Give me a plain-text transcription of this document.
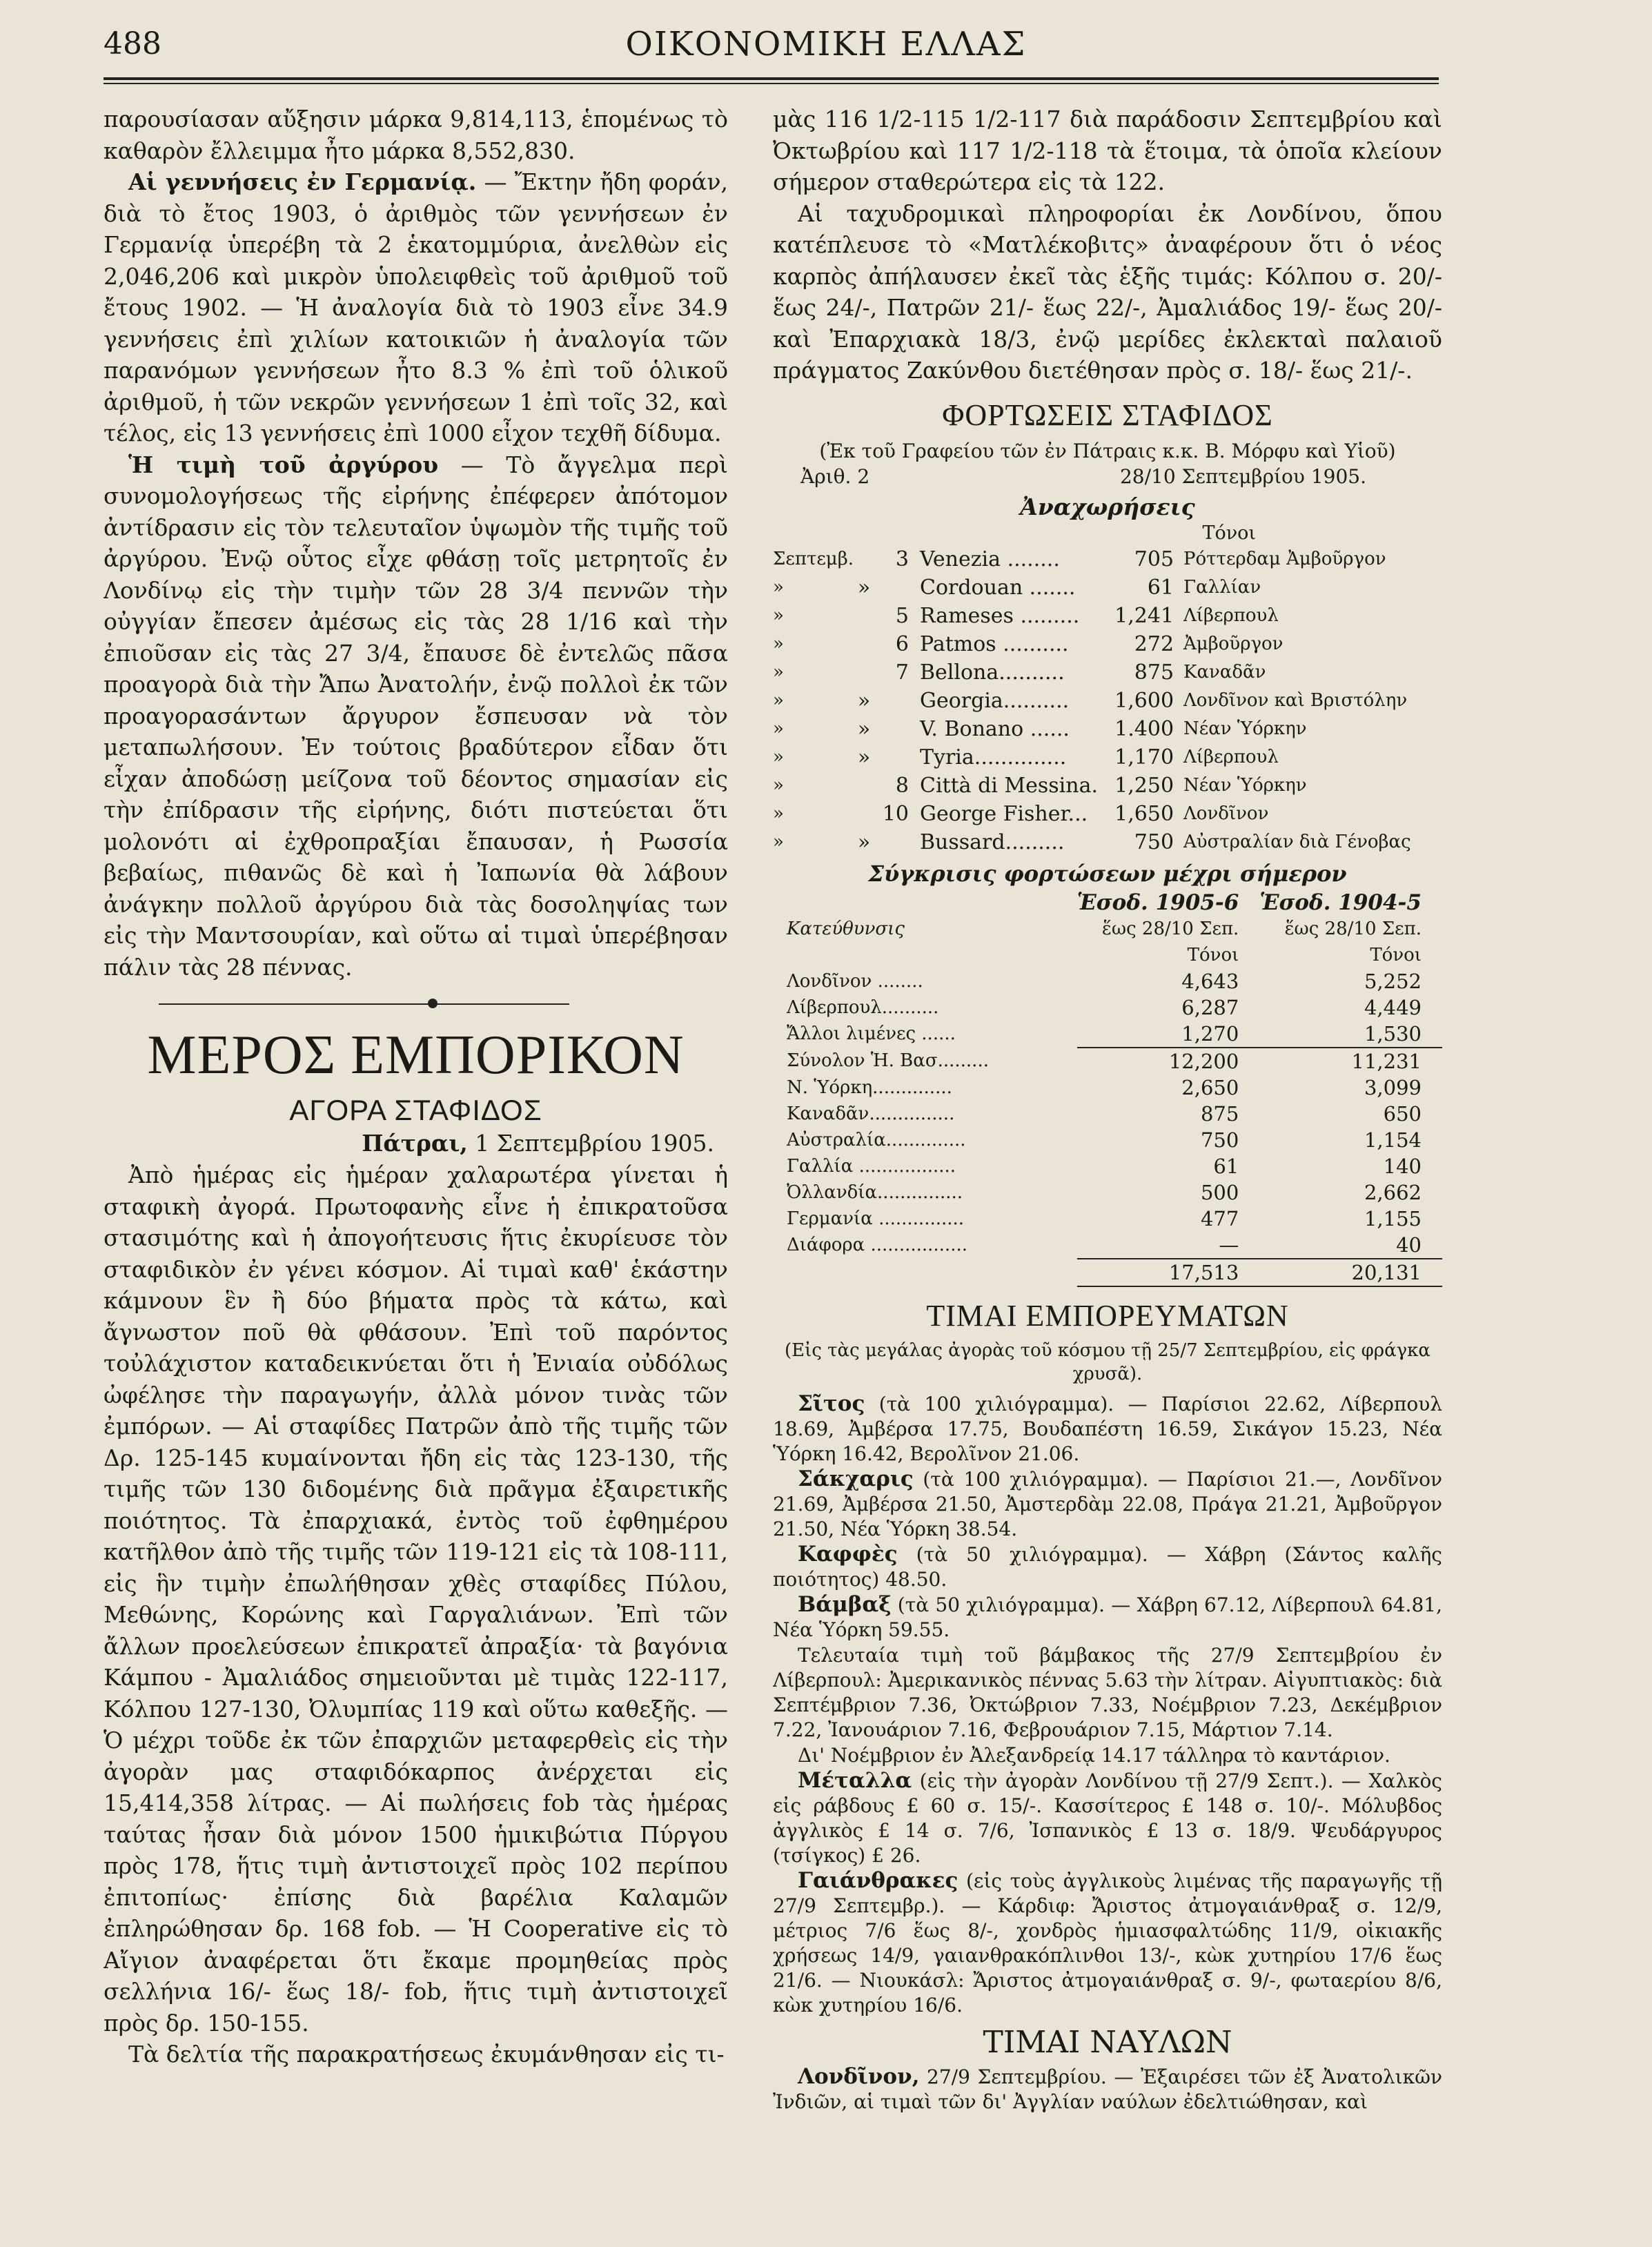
488	ΟΙΚΟΝΟΜΙΚΗ ΕΛΛΑΣ

παρουσίασαν αὔξησιν μάρκα 9,814,113, ἑπομένως τὸ καθαρὸν ἔλλειμμα ἦτο μάρκα 8,552,830.

Αἱ γεννήσεις ἐν Γερμανίᾳ. — Ἔκτην ἤδη φοράν, διὰ τὸ ἔτος 1903, ὁ ἀριθμὸς τῶν γεννήσεων ἐν Γερμανίᾳ ὑπερέβη τὰ 2 ἑκατομμύρια, ἀνελθὼν εἰς 2,046,206 καὶ μικρὸν ὑπολειφθεὶς τοῦ ἀριθμοῦ τοῦ ἔτους 1902. — Ἡ ἀναλογία διὰ τὸ 1903 εἶνε 34.9 γεννήσεις ἐπὶ χιλίων κατοικιῶν ἡ ἀναλογία τῶν παρανόμων γεννήσεων ἦτο 8.3 % ἐπὶ τοῦ ὁλικοῦ ἀριθμοῦ, ἡ τῶν νεκρῶν γεννήσεων 1 ἐπὶ τοῖς 32, καὶ τέλος, εἰς 13 γεννήσεις ἐπὶ 1000 εἶχον τεχθῆ δίδυμα.

Ἡ τιμὴ τοῦ ἀργύρου — Τὸ ἄγγελμα περὶ συνομολογήσεως τῆς εἰρήνης ἐπέφερεν ἀπότομον ἀντίδρασιν εἰς τὸν τελευταῖον ὑψωμὸν τῆς τιμῆς τοῦ ἀργύρου. Ἐνῷ οὗτος εἶχε φθάσῃ τοῖς μετρητοῖς ἐν Λονδίνῳ εἰς τὴν τιμὴν τῶν 28 3/4 πεννῶν τὴν οὐγγίαν ἔπεσεν ἀμέσως εἰς τὰς 28 1/16 καὶ τὴν ἐπιοῦσαν εἰς τὰς 27 3/4, ἔπαυσε δὲ ἐντελῶς πᾶσα προαγορὰ διὰ τὴν Ἄπω Ἀνατολήν, ἐνῷ πολλοὶ ἐκ τῶν προαγορασάντων ἄργυρον ἔσπευσαν νὰ τὸν μεταπωλήσουν. Ἐν τούτοις βραδύτερον εἶδαν ὅτι εἶχαν ἀποδώσῃ μείζονα τοῦ δέοντος σημασίαν εἰς τὴν ἐπίδρασιν τῆς εἰρήνης, διότι πιστεύεται ὅτι μολονότι αἱ ἐχθροπραξίαι ἔπαυσαν, ἡ Ρωσσία βεβαίως, πιθανῶς δὲ καὶ ἡ Ἰαπωνία θὰ λάβουν ἀνάγκην πολλοῦ ἀργύρου διὰ τὰς δοσοληψίας των εἰς τὴν Μαντσουρίαν, καὶ οὕτω αἱ τιμαὶ ὑπερέβησαν πάλιν τὰς 28 πέννας.

ΜΕΡΟΣ ΕΜΠΟΡΙΚΟΝ
ΑΓΟΡΑ ΣΤΑΦΙΔΟΣ
Πάτραι, 1 Σεπτεμβρίου 1905.

Ἀπὸ ἡμέρας εἰς ἡμέραν χαλαρωτέρα γίνεται ἡ σταφικὴ ἀγορά. Πρωτοφανὴς εἶνε ἡ ἐπικρατοῦσα στασιμότης καὶ ἡ ἀπογοήτευσις ἥτις ἐκυρίευσε τὸν σταφιδικὸν ἐν γένει κόσμον. Αἱ τιμαὶ καθ' ἑκάστην κάμνουν ἓν ἢ δύο βήματα πρὸς τὰ κάτω, καὶ ἄγνωστον ποῦ θὰ φθάσουν. Ἐπὶ τοῦ παρόντος τοὐλάχιστον καταδεικνύεται ὅτι ἡ Ἐνιαία οὐδόλως ὠφέλησε τὴν παραγωγήν, ἀλλὰ μόνον τινὰς τῶν ἐμπόρων. — Αἱ σταφίδες Πατρῶν ἀπὸ τῆς τιμῆς τῶν Δρ. 125-145 κυμαίνονται ἤδη εἰς τὰς 123-130, τῆς τιμῆς τῶν 130 διδομένης διὰ πρᾶγμα ἐξαιρετικῆς ποιότητος. Τὰ ἐπαρχιακά, ἐντὸς τοῦ ἐφθημέρου κατῆλθον ἀπὸ τῆς τιμῆς τῶν 119-121 εἰς τὰ 108-111, εἰς ἣν τιμὴν ἐπωλήθησαν χθὲς σταφίδες Πύλου, Μεθώνης, Κορώνης καὶ Γαργαλιάνων. Ἐπὶ τῶν ἄλλων προελεύσεων ἐπικρατεῖ ἀπραξία· τὰ βαγόνια Κάμπου - Ἀμαλιάδος σημειοῦνται μὲ τιμὰς 122-117, Κόλπου 127-130, Ὀλυμπίας 119 καὶ οὕτω καθεξῆς. — Ὁ μέχρι τοῦδε ἐκ τῶν ἐπαρχιῶν μεταφερθεὶς εἰς τὴν ἀγορὰν μας σταφιδόκαρπος ἀνέρχεται εἰς 15,414,358 λίτρας. — Αἱ πωλήσεις fob τὰς ἡμέρας ταύτας ἦσαν διὰ μόνον 1500 ἡμικιβώτια Πύργου πρὸς 178, ἥτις τιμὴ ἀντιστοιχεῖ πρὸς 102 περίπου ἐπιτοπίως· ἐπίσης διὰ βαρέλια Καλαμῶν ἐπληρώθησαν δρ. 168 fob. — Ἡ Cooperative εἰς τὸ Αἴγιον ἀναφέρεται ὅτι ἔκαμε προμηθείας πρὸς σελλήνια 16/- ἕως 18/- fob, ἥτις τιμὴ ἀντιστοιχεῖ πρὸς δρ. 150-155.

Τὰ δελτία τῆς παρακρατήσεως ἐκυμάνθησαν εἰς τι-

μὰς 116 1/2-115 1/2-117 διὰ παράδοσιν Σεπτεμβρίου καὶ Ὀκτωβρίου καὶ 117 1/2-118 τὰ ἕτοιμα, τὰ ὁποῖα κλείουν σήμερον σταθερώτερα εἰς τὰ 122.

Αἱ ταχυδρομικαὶ πληροφορίαι ἐκ Λονδίνου, ὅπου κατέπλευσε τὸ «Ματλέκοβιτς» ἀναφέρουν ὅτι ὁ νέος καρπὸς ἀπήλαυσεν ἐκεῖ τὰς ἑξῆς τιμάς: Κόλπου σ. 20/- ἕως 24/-, Πατρῶν 21/- ἕως 22/-, Ἀμαλιάδος 19/- ἕως 20/- καὶ Ἐπαρχιακὰ 18/3, ἐνῷ μερίδες ἐκλεκταὶ παλαιοῦ πράγματος Ζακύνθου διετέθησαν πρὸς σ. 18/- ἕως 21/-.

ΦΟΡΤΩΣΕΙΣ ΣΤΑΦΙΔΟΣ

(Ἐκ τοῦ Γραφείου τῶν ἐν Πάτραις κ.κ. Β. Μόρφυ καὶ Υἱοῦ)

Ἀριθ. 2	28/10 Σεπτεμβρίου 1905.
Ἀναχωρήσεις
Τόνοι
Σεπτεμβ.		3	Venezia ........	705	Ρόττερδαμ Ἀμβοῦργον
»	»		Cordouan .......	61	Γαλλίαν
»		5	Rameses .........	1,241	Λίβερπουλ
»		6	Patmos ..........	272	Ἀμβοῦργον
»		7	Bellona..........	875	Καναδᾶν
»	»		Georgia..........	1,600	Λονδῖνον καὶ Βριστόλην
»	»		V. Bonano ......	1.400	Νέαν Ὑόρκην
»	»		Tyria..............	1,170	Λίβερπουλ
»		8	Città di Messina.	1,250	Νέαν Ὑόρκην
»		10	George Fisher...	1,650	Λονδῖνον
»	»		Bussard.........	750	Αὐστραλίαν διὰ Γένοβας
Σύγκρισις φορτώσεων μέχρι σήμερον
	Ἑσοδ. 1905-6	Ἑσοδ. 1904-5
Κατεύθυνσις	ἕως 28/10 Σεπ.	ἕως 28/10 Σεπ.
	Τόνοι	Τόνοι
Λονδῖνον ........	4,643	5,252
Λίβερπουλ..........	6,287	4,449
Ἄλλοι λιμένες ......	1,270	1,530
Σύνολον Ἡ. Βασ.........	12,200	11,231
Ν. Ὑόρκη..............	2,650	3,099
Καναδᾶν...............	875	650
Αὐστραλία..............	750	1,154
Γαλλία .................	61	140
Ὀλλανδία...............	500	2,662
Γερμανία ...............	477	1,155
Διάφορα .................	—	40
	17,513	20,131
ΤΙΜΑΙ ΕΜΠΟΡΕΥΜΑΤΩΝ

(Εἰς τὰς μεγάλας ἀγορὰς τοῦ κόσμου τῇ 25/7 Σεπτεμβρίου, εἰς φράγκα χρυσᾶ).

Σῖτος (τὰ 100 χιλιόγραμμα). — Παρίσιοι 22.62, Λίβερπουλ 18.69, Ἀμβέρσα 17.75, Βουδαπέστη 16.59, Σικάγον 15.23, Νέα Ὑόρκη 16.42, Βερολῖνον 21.06.

Σάκχαρις (τὰ 100 χιλιόγραμμα). — Παρίσιοι 21.—, Λονδῖνον 21.69, Ἀμβέρσα 21.50, Ἀμστερδὰμ 22.08, Πράγα 21.21, Ἀμβοῦργον 21.50, Νέα Ὑόρκη 38.54.

Καφφὲς (τὰ 50 χιλιόγραμμα). — Χάβρη (Σάντος καλῆς ποιότητος) 48.50.

Βάμβαξ (τὰ 50 χιλιόγραμμα). — Χάβρη 67.12, Λίβερπουλ 64.81, Νέα Ὑόρκη 59.55.

Τελευταία τιμὴ τοῦ βάμβακος τῆς 27/9 Σεπτεμβρίου ἐν Λίβερπουλ: Ἀμερικανικὸς πέννας 5.63 τὴν λίτραν. Αἰγυπτιακὸς: διὰ Σεπτέμβριον 7.36, Ὀκτώβριον 7.33, Νοέμβριον 7.23, Δεκέμβριον 7.22, Ἰανουάριον 7.16, Φεβρουάριον 7.15, Μάρτιον 7.14.

Δι' Νοέμβριον ἐν Ἀλεξανδρείᾳ 14.17 τάλληρα τὸ καντάριον.

Μέταλλα (εἰς τὴν ἀγορὰν Λονδίνου τῇ 27/9 Σεπτ.). — Χαλκὸς εἰς ράβδους £ 60 σ. 15/-. Κασσίτερος £ 148 σ. 10/-. Μόλυβδος ἀγγλικὸς £ 14 σ. 7/6, Ἰσπανικὸς £ 13 σ. 18/9. Ψευδάργυρος (τσίγκος) £ 26.

Γαιάνθρακες (εἰς τοὺς ἀγγλικοὺς λιμένας τῆς παραγωγῆς τῇ 27/9 Σεπτεμβρ.). — Κάρδιφ: Ἄριστος ἀτμογαιάνθραξ σ. 12/9, μέτριος 7/6 ἕως 8/-, χονδρὸς ἡμιασφαλτώδης 11/9, οἰκιακῆς χρήσεως 14/9, γαιανθρακόπλινθοι 13/-, κὼκ χυτηρίου 17/6 ἕως 21/6. — Νιουκάσλ: Ἄριστος ἀτμογαιάνθραξ σ. 9/-, φωταερίου 8/6, κὼκ χυτηρίου 16/6.

ΤΙΜΑΙ ΝΑΥΛΩΝ

Λονδῖνον, 27/9 Σεπτεμβρίου. — Ἐξαιρέσει τῶν ἐξ Ἀνατολικῶν Ἰνδιῶν, αἱ τιμαὶ τῶν δι' Ἀγγλίαν ναύλων ἐδελτιώθησαν, καὶ
